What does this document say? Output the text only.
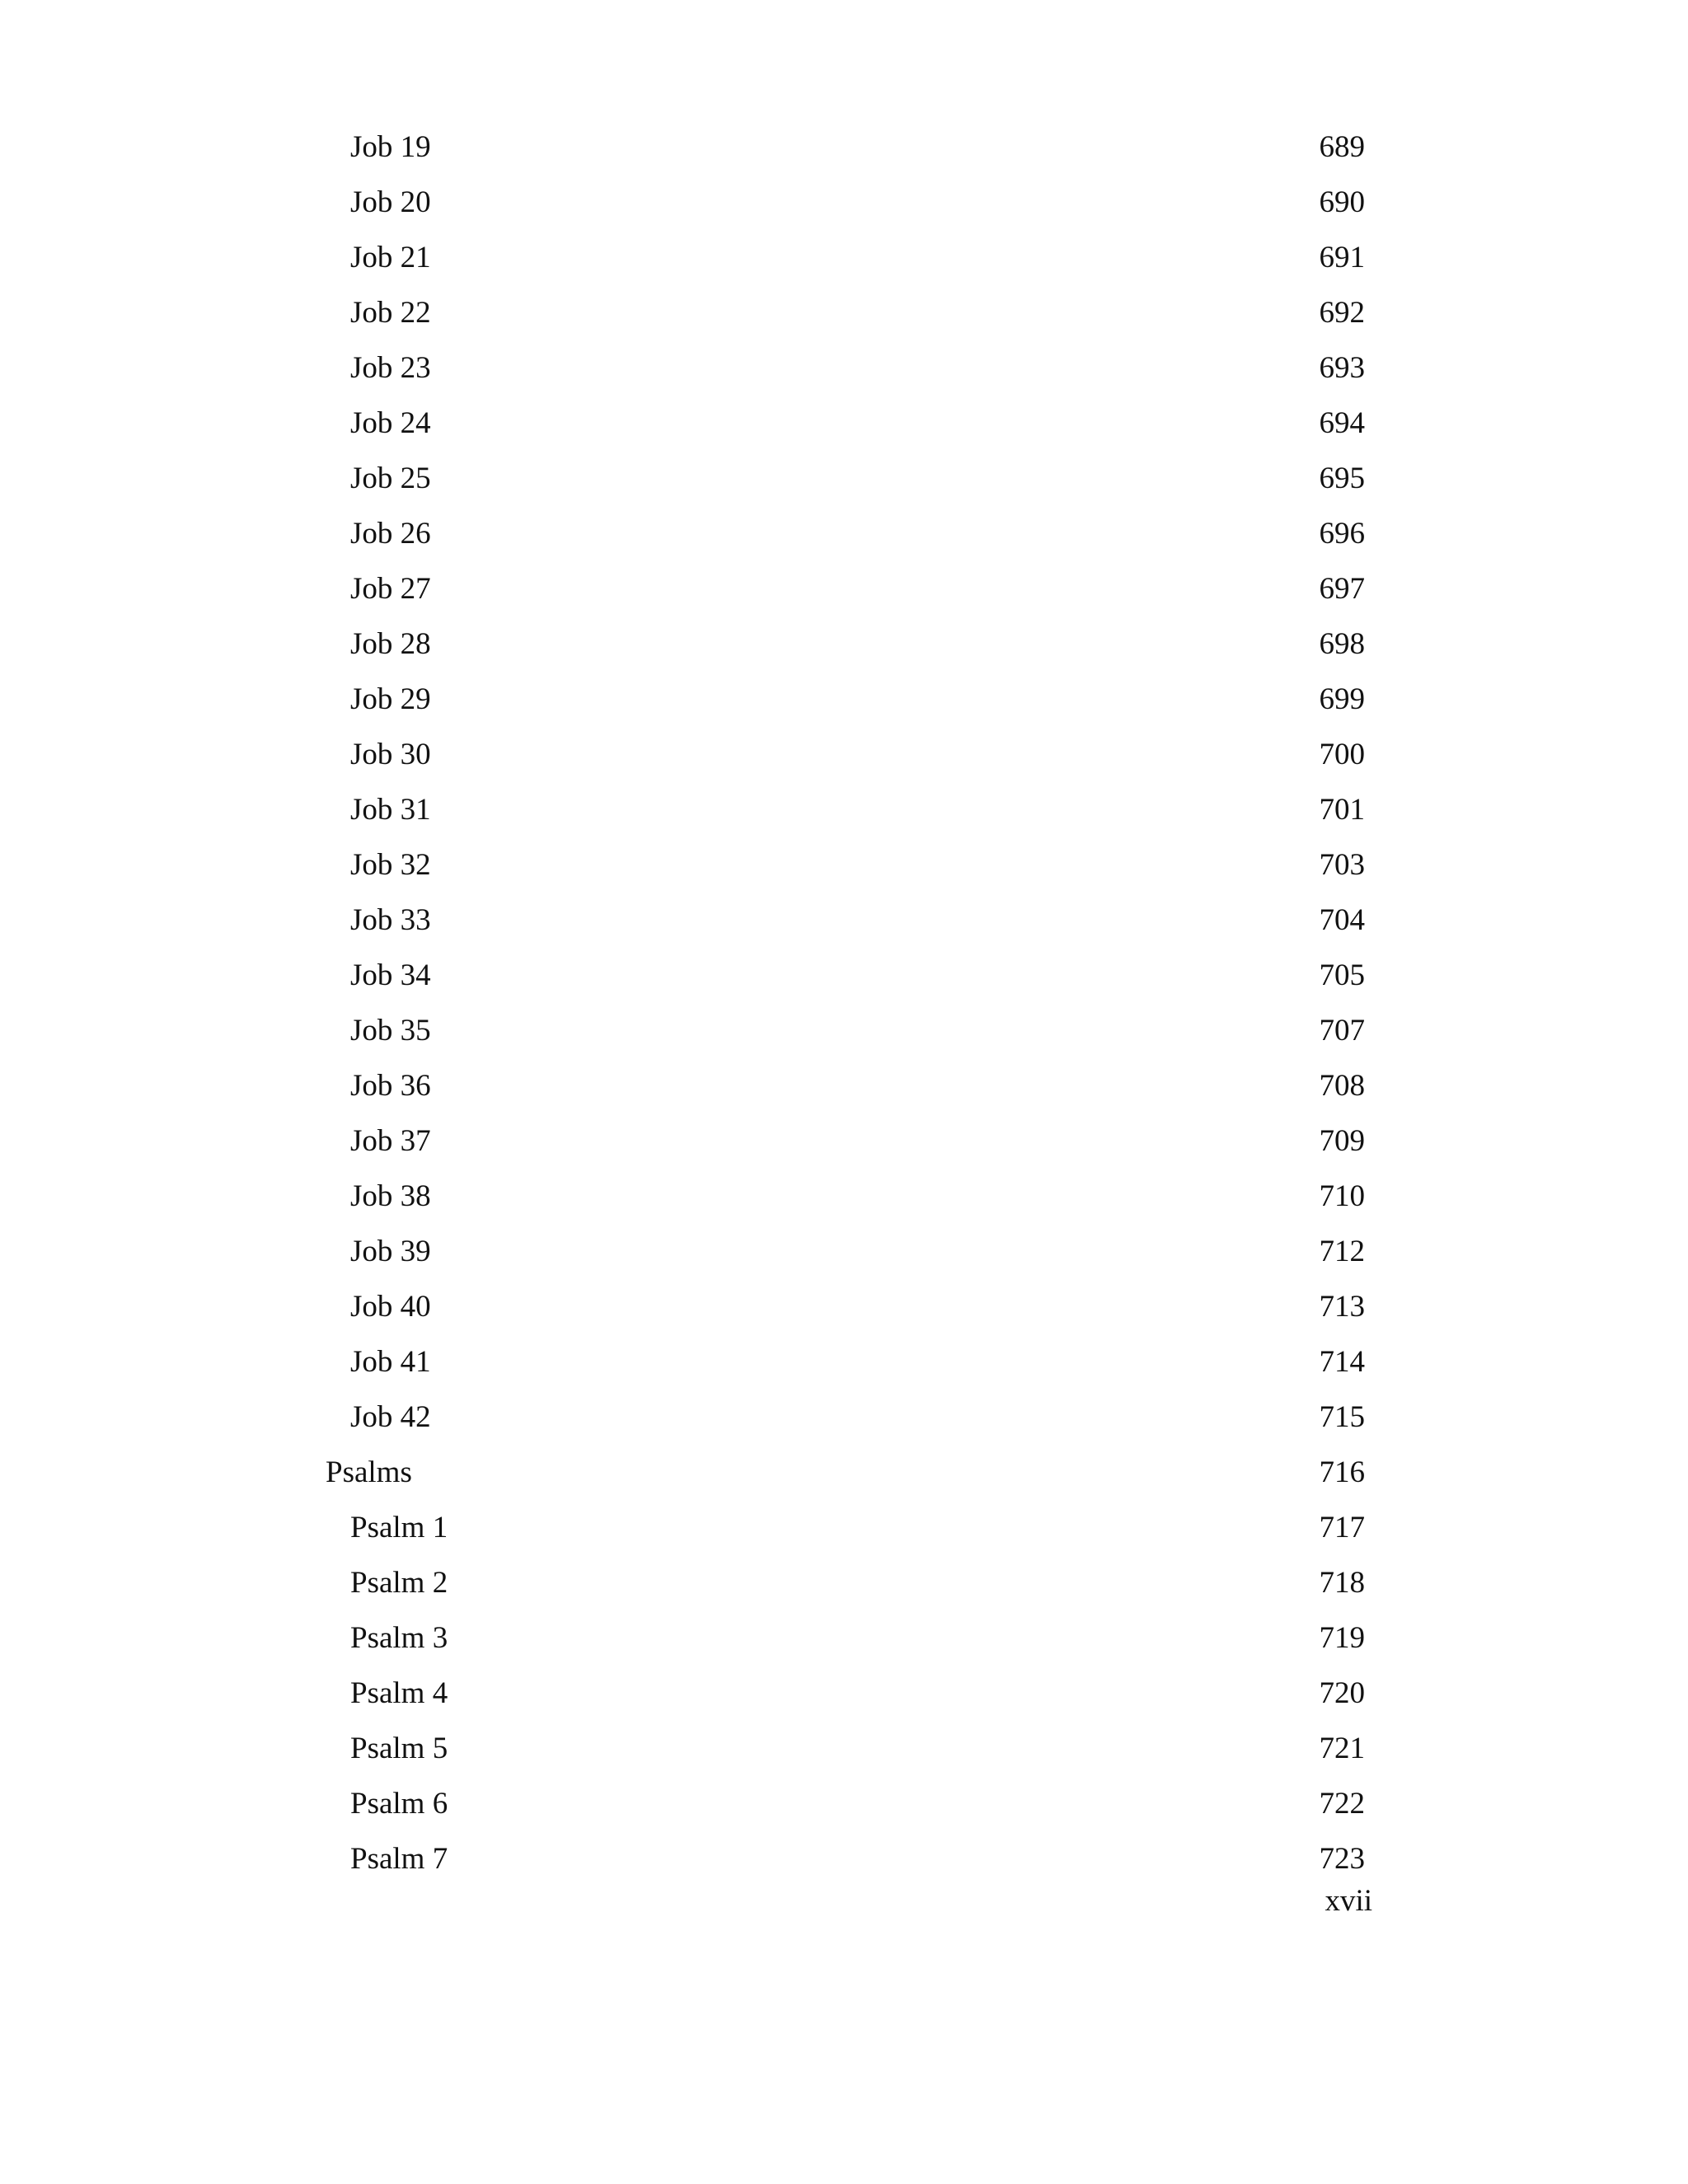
Job 19	689
Job 20	690
Job 21	691
Job 22	692
Job 23	693
Job 24	694
Job 25	695
Job 26	696
Job 27	697
Job 28	698
Job 29	699
Job 30	700
Job 31	701
Job 32	703
Job 33	704
Job 34	705
Job 35	707
Job 36	708
Job 37	709
Job 38	710
Job 39	712
Job 40	713
Job 41	714
Job 42	715
Psalms	716
Psalm 1	717
Psalm 2	718
Psalm 3	719
Psalm 4	720
Psalm 5	721
Psalm 6	722
Psalm 7	723
xvii
